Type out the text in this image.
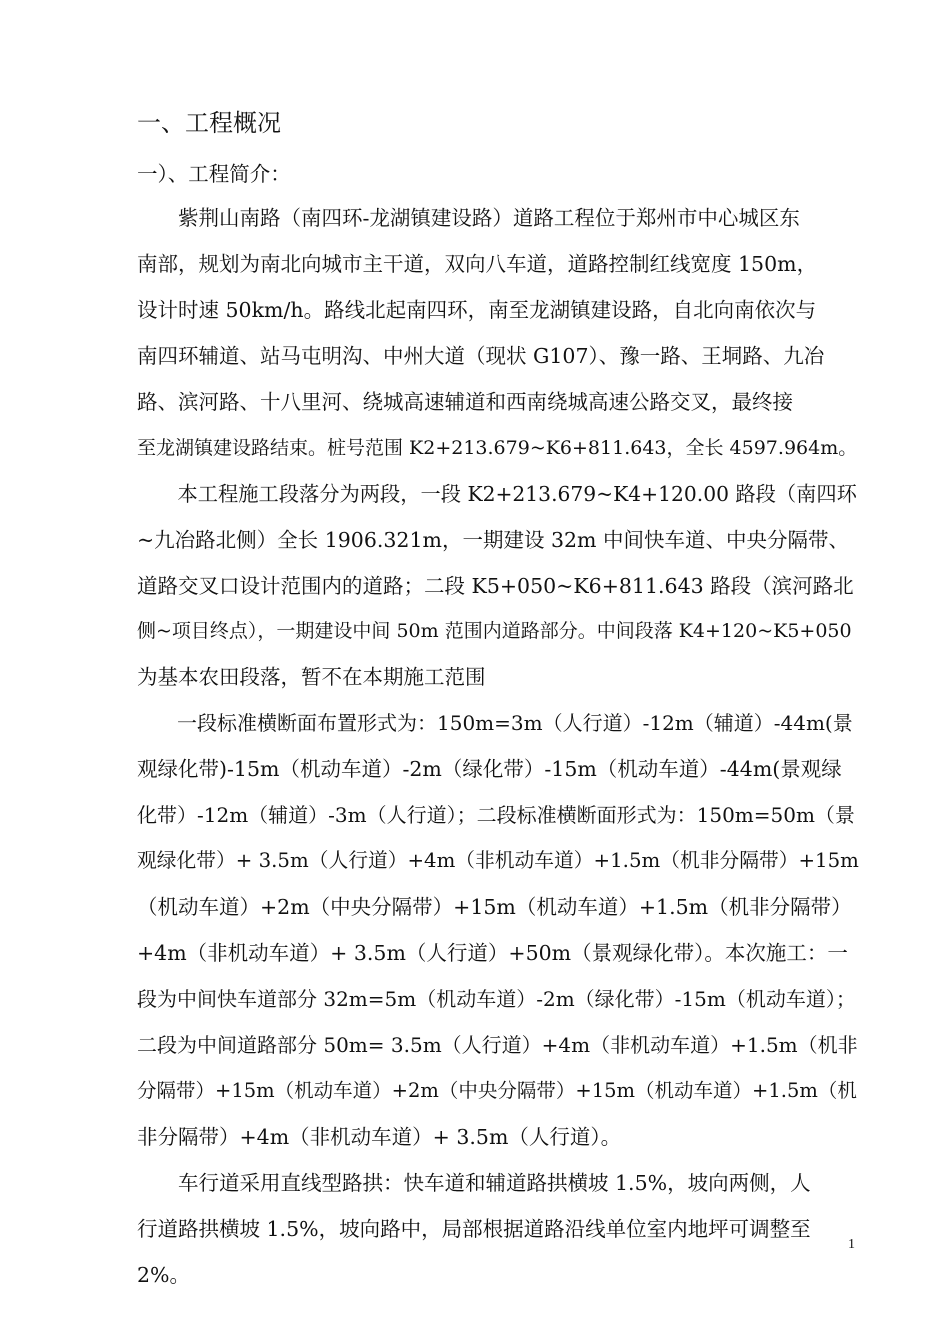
一、工程概况
一）、工程简介：

　　紫荆山南路（南四环-龙湖镇建设路）道路工程位于郑州市中心城区东

南部，规划为南北向城市主干道，双向八车道，道路控制红线宽度 150m，

设计时速 50km/h。路线北起南四环，南至龙湖镇建设路，自北向南依次与

南四环辅道、站马屯明沟、中州大道（现状 G107）、豫一路、王垌路、九冶

路、滨河路、十八里河、绕城高速辅道和西南绕城高速公路交叉，最终接

至龙湖镇建设路结束。桩号范围 K2+213.679~K6+811.643，全长 4597.964m。

　　本工程施工段落分为两段，一段 K2+213.679~K4+120.00 路段（南四环

~九冶路北侧）全长 1906.321m，一期建设 32m 中间快车道、中央分隔带、

道路交叉口设计范围内的道路；二段 K5+050~K6+811.643 路段（滨河路北

侧~项目终点），一期建设中间 50m 范围内道路部分。中间段落 K4+120~K5+050

为基本农田段落，暂不在本期施工范围

　　一段标准横断面布置形式为：150m=3m（人行道）-12m（辅道）-44m(景

观绿化带)-15m（机动车道）-2m（绿化带）-15m（机动车道）-44m(景观绿

化带）-12m（辅道）-3m（人行道）；二段标准横断面形式为：150m=50m（景

观绿化带）+ 3.5m（人行道）+4m（非机动车道）+1.5m（机非分隔带）+15m

（机动车道）+2m（中央分隔带）+15m（机动车道）+1.5m（机非分隔带）

+4m（非机动车道）+ 3.5m（人行道）+50m（景观绿化带）。本次施工：一

段为中间快车道部分 32m=5m（机动车道）-2m（绿化带）-15m（机动车道）；

二段为中间道路部分 50m= 3.5m（人行道）+4m（非机动车道）+1.5m（机非

分隔带）+15m（机动车道）+2m（中央分隔带）+15m（机动车道）+1.5m（机

非分隔带）+4m（非机动车道）+ 3.5m（人行道）。

　　车行道采用直线型路拱：快车道和辅道路拱横坡 1.5%，坡向两侧，人

行道路拱横坡 1.5%，坡向路中，局部根据道路沿线单位室内地坪可调整至

2%。

1
